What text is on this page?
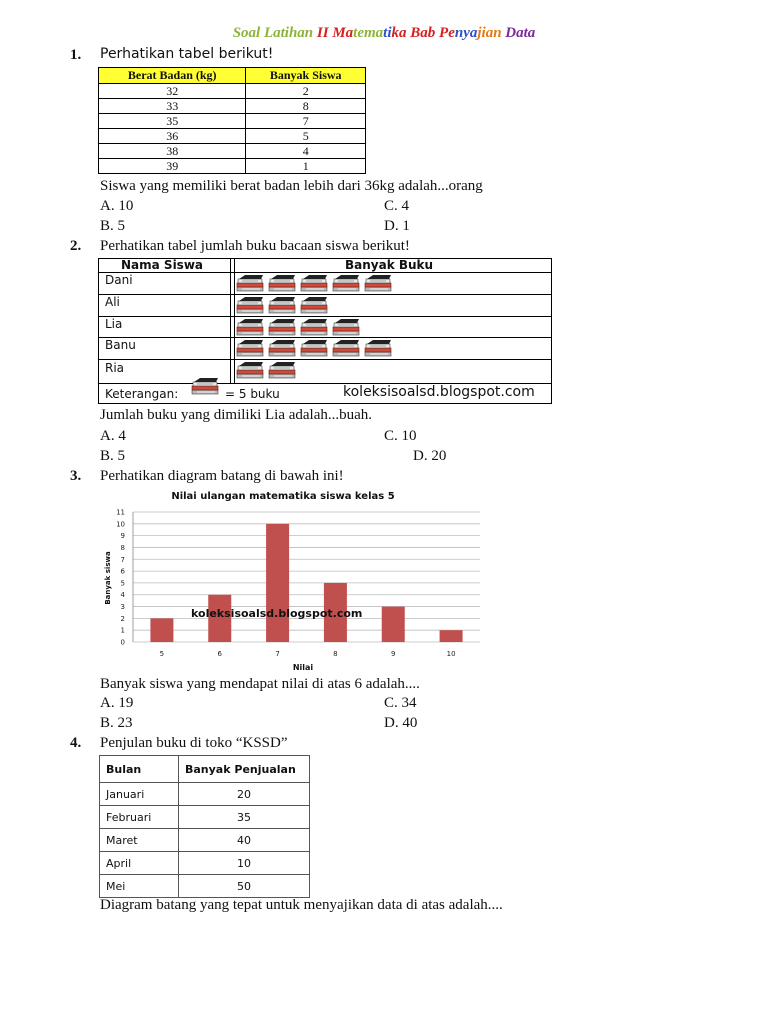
Soal Latihan II Matematika Bab Penyajian Data
1. Perhatikan tabel berikut!
Berat Badan (kg)	Banyak Siswa
32	2
33	8
35	7
36	5
38	4
39	1
Siswa yang memiliki berat badan lebih dari 36kg adalah...orang
A. 10	C. 4
B. 5	D. 1
2. Perhatikan tabel jumlah buku bacaan siswa berikut!
Nama Siswa	Banyak Buku
Dani
Ali
Lia
Banu
Ria
Keterangan:	= 5 buku	koleksisoalsd.blogspot.com
Jumlah buku yang dimiliki Lia adalah...buah.
A. 4	C. 10
B. 5	D. 20
3. Perhatikan diagram batang di bawah ini!
Nilai ulangan matematika siswa kelas 5
0
1
2
3
4
5
6
7
8
9
10
11
5	6	7	8	9	10
Nilai
Banyak siswa
koleksisoalsd.blogspot.com
Banyak siswa yang mendapat nilai di atas 6 adalah....
A. 19	C. 34
B. 23	D. 40
4. Penjulan buku di toko “KSSD”
Bulan	Banyak Penjualan
Januari	20
Februari	35
Maret	40
April	10
Mei	50
Diagram batang yang tepat untuk menyajikan data di atas adalah....
